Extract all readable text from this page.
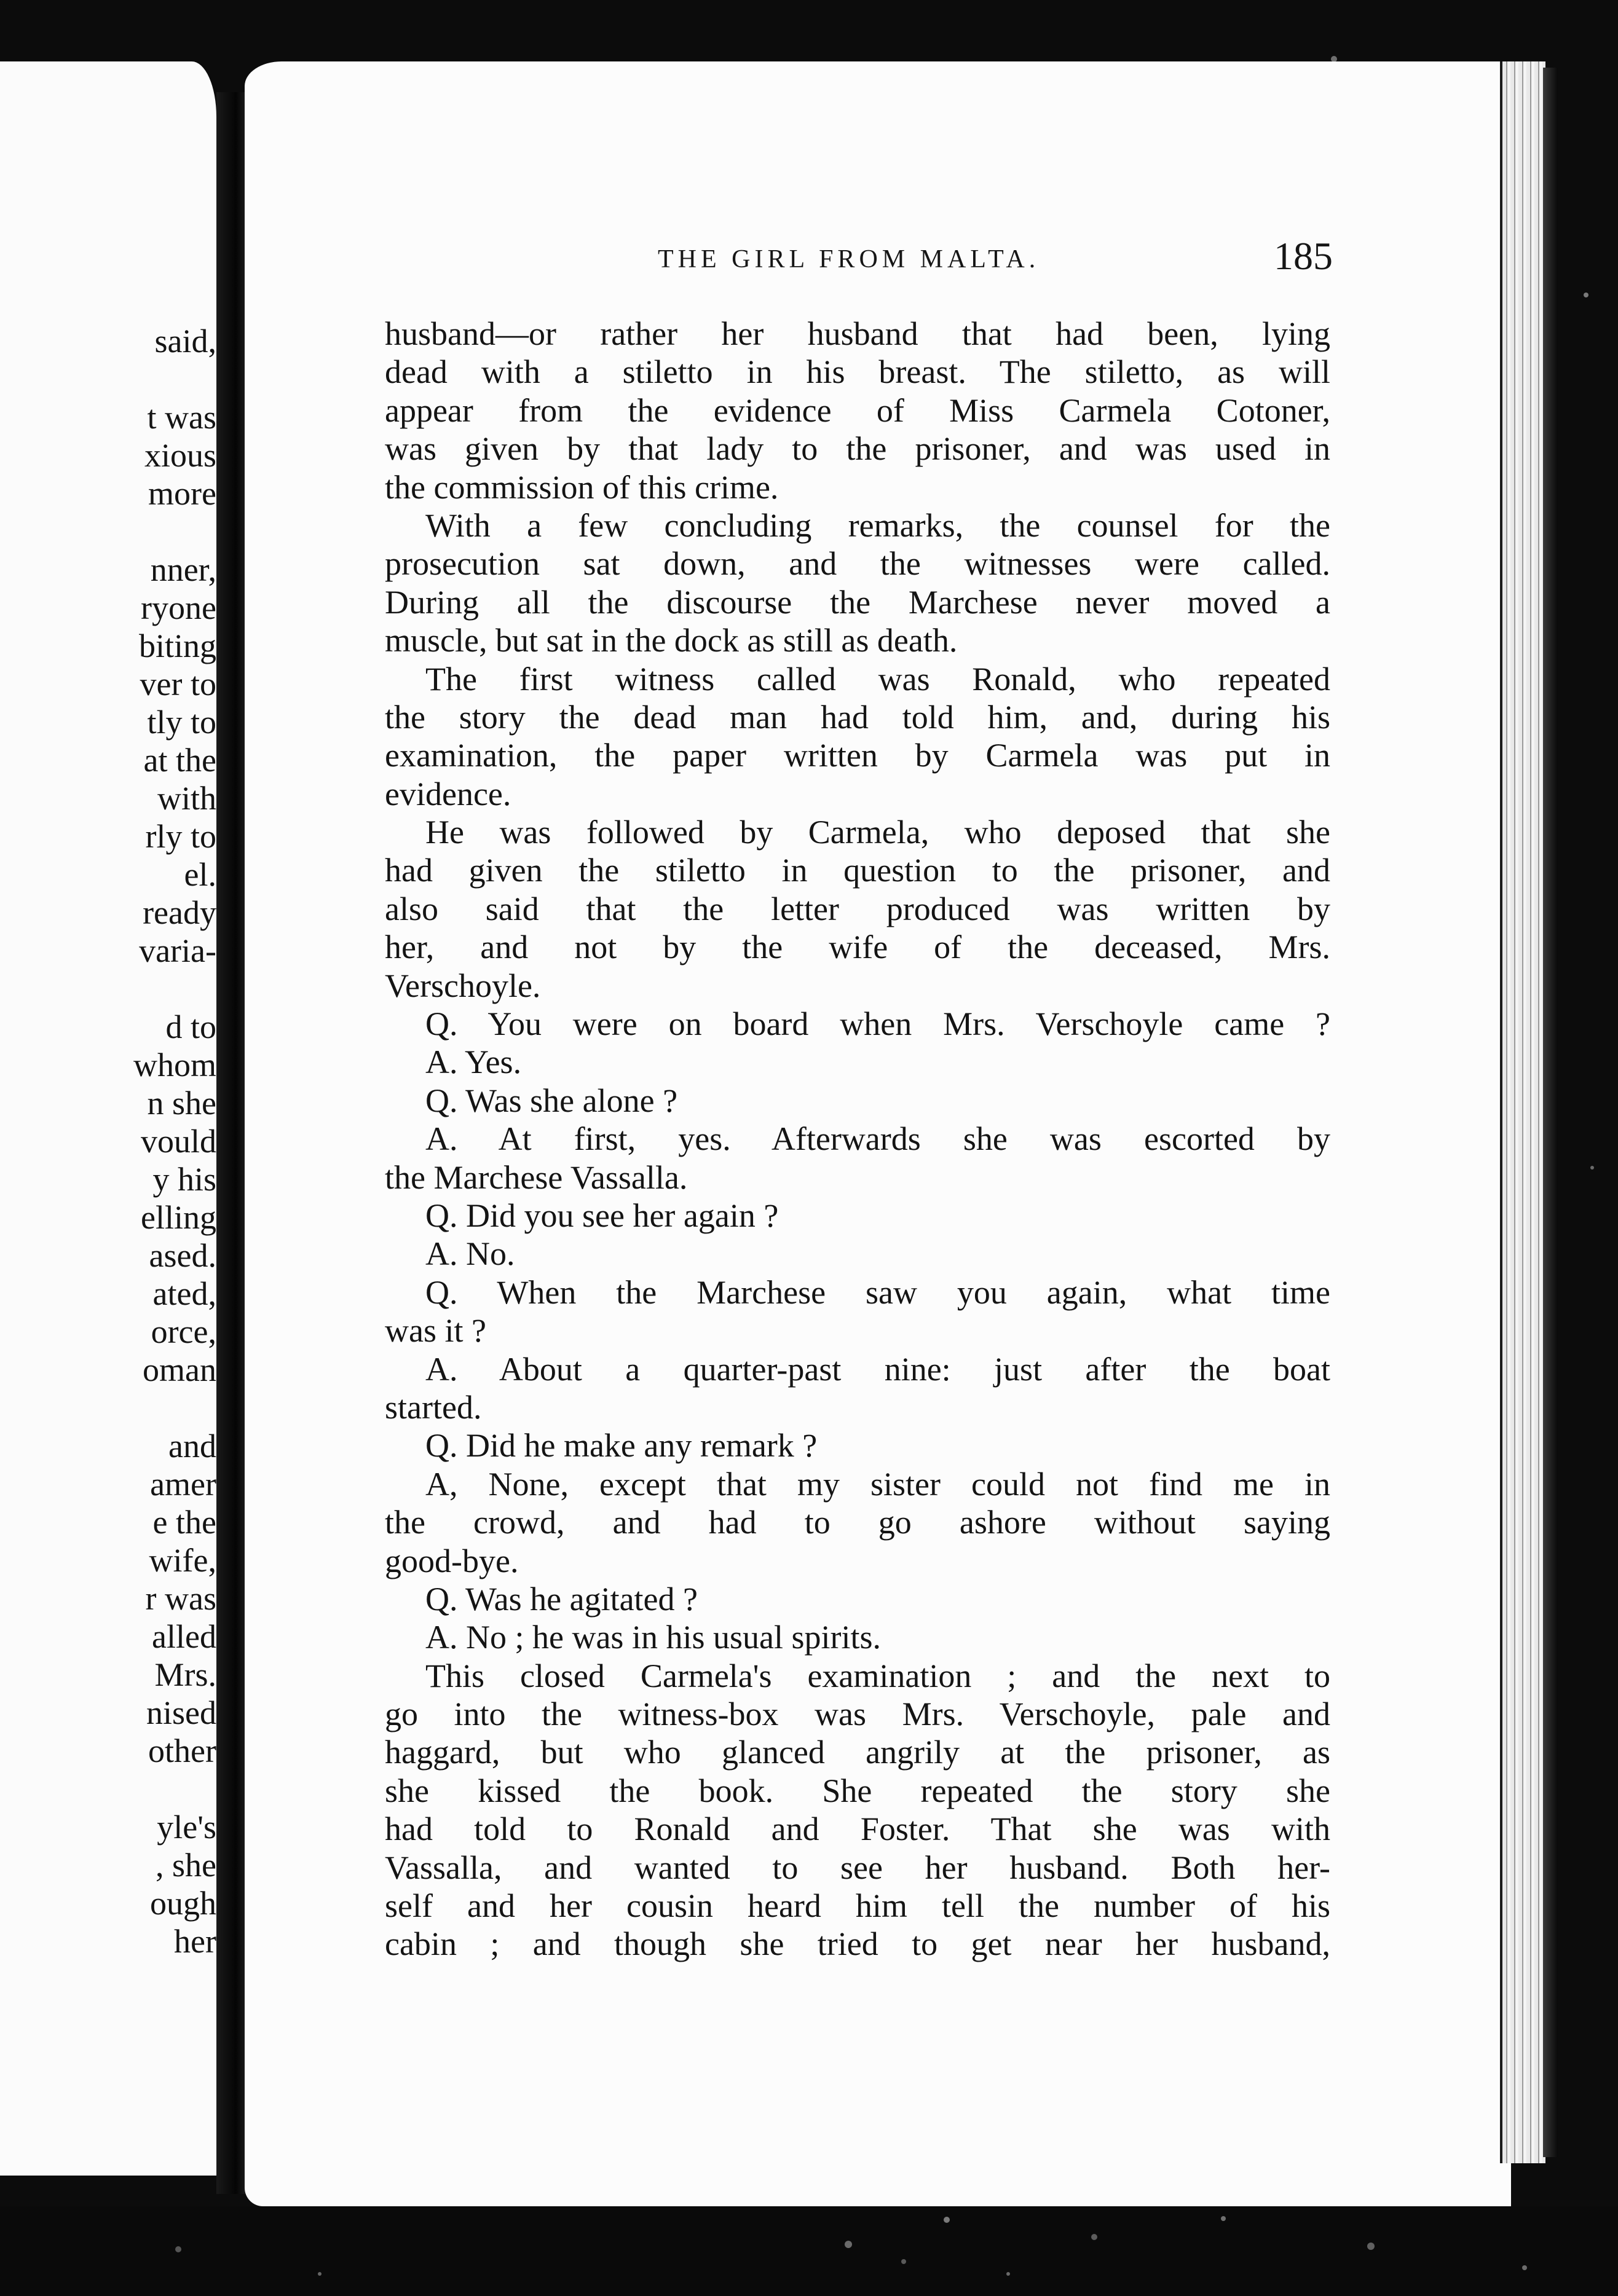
said,

t was

xious

more

nner,

ryone

biting

ver to

tly to

at the

with

rly to

el.

ready

varia-

d to

whom

n she

vould

y his

elling

ased.

ated,

orce,

oman

and

amer

e the

wife,

r was

alled

Mrs.

nised

other

yle's

, she

ough

her

THE GIRL FROM MALTA.	185

husband—or rather her husband that had been, lying
dead with a stiletto in his breast. The stiletto, as will
appear from the evidence of Miss Carmela Cotoner,
was given by that lady to the prisoner, and was used in
the commission of this crime.
With a few concluding remarks, the counsel for the
prosecution sat down, and the witnesses were called.
During all the discourse the Marchese never moved a
muscle, but sat in the dock as still as death.
The first witness called was Ronald, who repeated
the story the dead man had told him, and, during his
examination, the paper written by Carmela was put in
evidence.
He was followed by Carmela, who deposed that she
had given the stiletto in question to the prisoner, and
also said that the letter produced was written by
her, and not by the wife of the deceased, Mrs.
Verschoyle.
Q. You were on board when Mrs. Verschoyle came ?
A. Yes.
Q. Was she alone ?
A. At first, yes. Afterwards she was escorted by
the Marchese Vassalla.
Q. Did you see her again ?
A. No.
Q. When the Marchese saw you again, what time
was it ?
A. About a quarter-past nine: just after the boat
started.
Q. Did he make any remark ?
A, None, except that my sister could not find me in
the crowd, and had to go ashore without saying
good-bye.
Q. Was he agitated ?
A. No ; he was in his usual spirits.
This closed Carmela's examination ; and the next to
go into the witness-box was Mrs. Verschoyle, pale and
haggard, but who glanced angrily at the prisoner, as
she kissed the book. She repeated the story she
had told to Ronald and Foster. That she was with
Vassalla, and wanted to see her husband. Both her-
self and her cousin heard him tell the number of his
cabin ; and though she tried to get near her husband,
